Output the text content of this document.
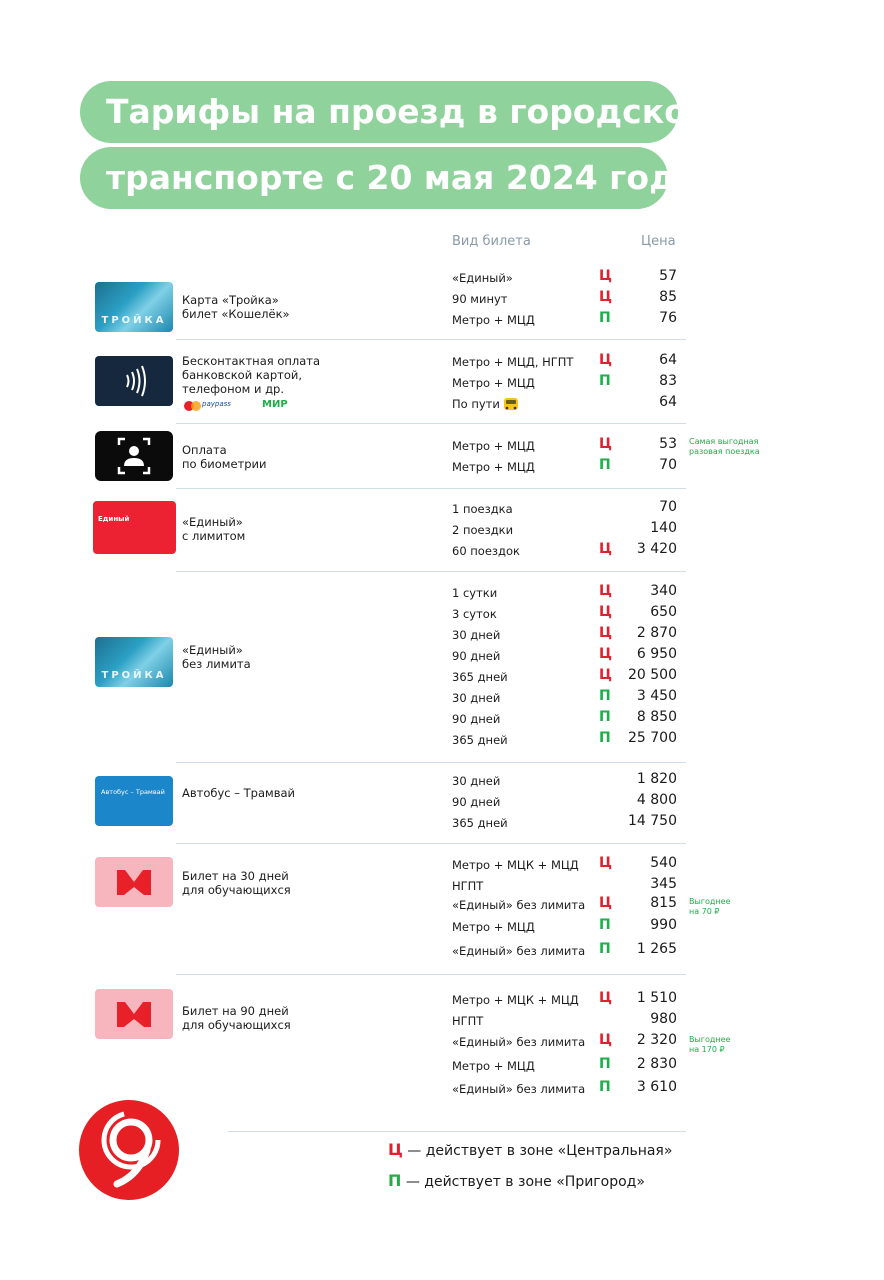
Тарифы на проезд в городском
транспорте с 20 мая 2024 года
Вид билета	Цена
ТРОЙКА
Карта «Тройка»
билет «Кошелёк»
«Единый»	Ц	57
90 минут	Ц	85
Метро + МЦД	П	76
Бесконтактная оплата
банковской картой,
телефоном и др.
paypass	МИР
Метро + МЦД, НГПТ Ц	64
Метро + МЦД	П	83
По пути	64
Оплата
по биометрии
Метро + МЦД	Ц	53
Метро + МЦД	П	70
Самая выгодная
разовая поездка
Единый	«Единый»
с лимитом
1 поездка	70
2 поездки	140
60 поездок	Ц	3 420
ТРОЙКА
«Единый»
без лимита
1 сутки	Ц	340
3 суток	Ц	650
30 дней	Ц	2 870
90 дней	Ц	6 950
365 дней	Ц	20 500
30 дней	П	3 450
90 дней	П	8 850
365 дней	П	25 700
Автобус – Трамвай Автобус – Трамвай
30 дней	1 820
90 дней	4 800
365 дней	14 750
Билет на 30 дней
для обучающихся
Метро + МЦК + МЦД Ц	540
НГПТ	345
«Единый» без лимита Ц	815
Метро + МЦД	П	990
«Единый» без лимита П	1 265
Выгоднее
на 70 ₽
Билет на 90 дней
для обучающихся
Метро + МЦК + МЦД Ц	1 510
НГПТ	980
«Единый» без лимита Ц	2 320
Метро + МЦД	П	2 830
«Единый» без лимита П	3 610
Выгоднее
на 170 ₽
Ц — действует в зоне «Центральная»
П — действует в зоне «Пригород»
